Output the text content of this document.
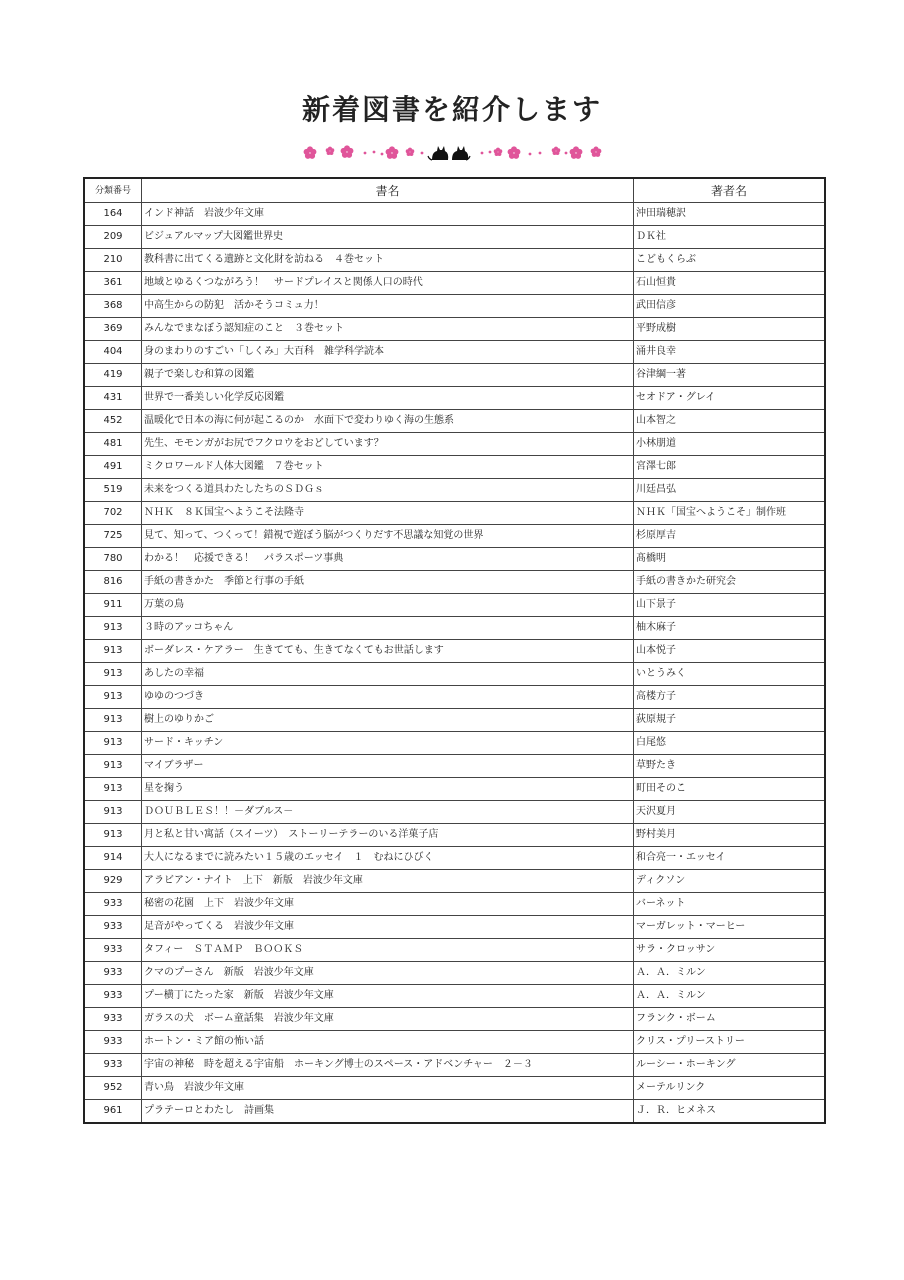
新着図書を紹介します
分類番号	書名	著者名
164	インド神話　岩波少年文庫	沖田瑞穂訳
209	ビジュアルマップ大図鑑世界史	ＤＫ社
210	教科書に出てくる遺跡と文化財を訪ねる　４巻セット	こどもくらぶ
361	地域とゆるくつながろう！　サードプレイスと関係人口の時代	石山恒貴
368	中高生からの防犯　活かそうコミュ力！	武田信彦
369	みんなでまなぼう認知症のこと　３巻セット	平野成樹
404	身のまわりのすごい「しくみ」大百科　雑学科学読本	涌井良幸
419	親子で楽しむ和算の図鑑	谷津綱一著
431	世界で一番美しい化学反応図鑑	セオドア・グレイ
452	温暖化で日本の海に何が起こるのか　水面下で変わりゆく海の生態系	山本智之
481	先生、モモンガがお尻でフクロウをおどしています？	小林朋道
491	ミクロワールド人体大図鑑　７巻セット	宮澤七郎
519	未来をつくる道具わたしたちのＳＤＧｓ	川廷昌弘
702	ＮＨＫ　８Ｋ国宝へようこそ法隆寺	ＮＨＫ「国宝へようこそ」制作班
725	見て、知って、つくって！錯視で遊ぼう脳がつくりだす不思議な知覚の世界	杉原厚吉
780	わかる！　応援できる！　パラスポーツ事典	髙橋明
816	手紙の書きかた　季節と行事の手紙	手紙の書きかた研究会
911	万葉の鳥	山下景子
913	３時のアッコちゃん	柚木麻子
913	ボーダレス・ケアラー　生きてても、生きてなくてもお世話します	山本悦子
913	あしたの幸福	いとうみく
913	ゆゆのつづき	高楼方子
913	樹上のゆりかご	荻原規子
913	サード・キッチン	白尾悠
913	マイブラザー	草野たき
913	星を掬う	町田そのこ
913	ＤＯＵＢＬＥＳ！！－ダブルス－	天沢夏月
913	月と私と甘い寓話（スイーツ）　ストーリーテラーのいる洋菓子店	野村美月
914	大人になるまでに読みたい１５歳のエッセイ　１　むねにひびく	和合亮一・エッセイ
929	アラビアン・ナイト　上下　新版　岩波少年文庫	ディクソン
933	秘密の花園　上下　岩波少年文庫	バーネット
933	足音がやってくる　岩波少年文庫	マーガレット・マーヒー
933	タフィー　ＳＴＡＭＰ　ＢＯＯＫＳ	サラ・クロッサン
933	クマのプーさん　新版　岩波少年文庫	Ａ．Ａ．ミルン
933	プー横丁にたった家　新版　岩波少年文庫	Ａ．Ａ．ミルン
933	ガラスの犬　ボーム童話集　岩波少年文庫	フランク・ボーム
933	ホートン・ミア館の怖い話	クリス・プリーストリー
933	宇宙の神秘　時を超える宇宙船　ホーキング博士のスペース・アドベンチャー　２－３	ルーシー・ホーキング
952	青い鳥　岩波少年文庫	メーテルリンク
961	プラテーロとわたし　詩画集	Ｊ．Ｒ．ヒメネス
